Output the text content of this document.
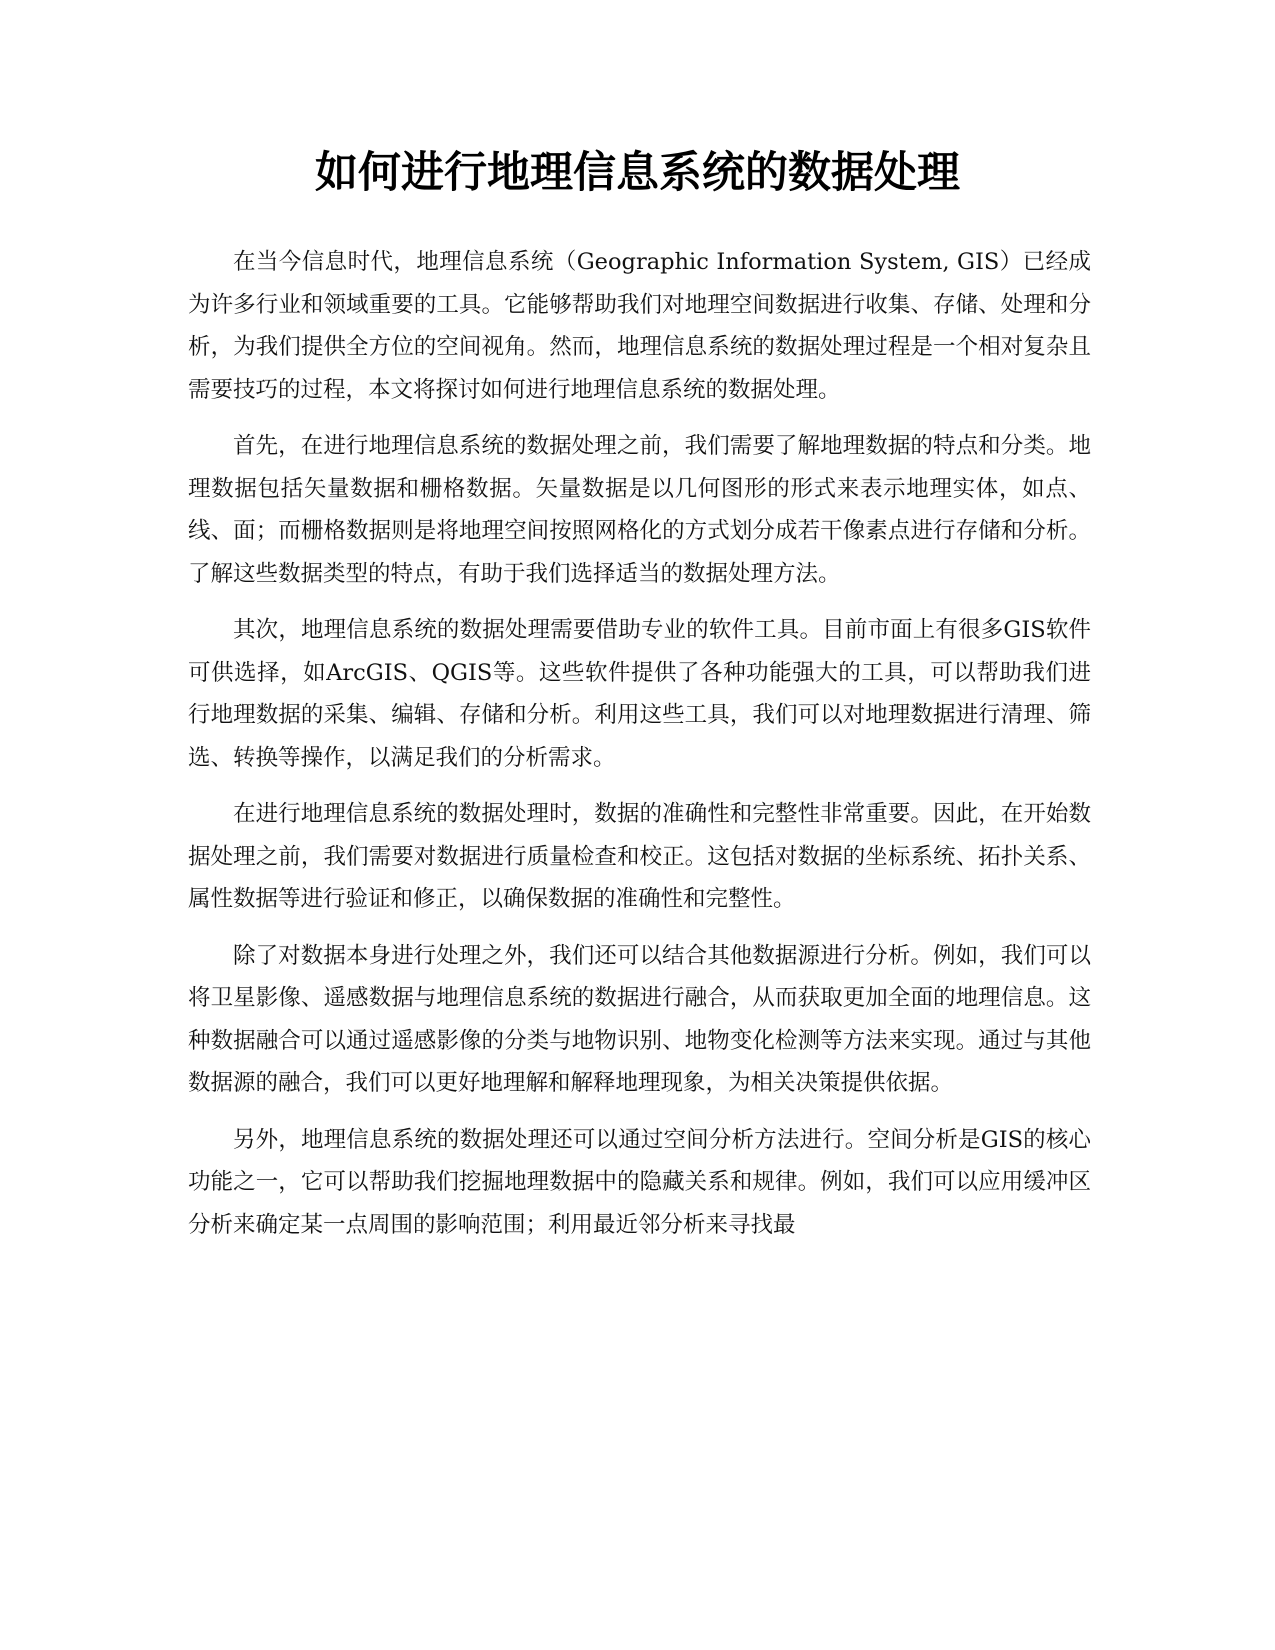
如何进行地理信息系统的数据处理

在当今信息时代，地理信息系统（Geographic Information System, GIS）已经成为许多行业和领域重要的工具。它能够帮助我们对地理空间数据进行收集、存储、处理和分析，为我们提供全方位的空间视角。然而，地理信息系统的数据处理过程是一个相对复杂且需要技巧的过程，本文将探讨如何进行地理信息系统的数据处理。

首先，在进行地理信息系统的数据处理之前，我们需要了解地理数据的特点和分类。地理数据包括矢量数据和栅格数据。矢量数据是以几何图形的形式来表示地理实体，如点、线、面；而栅格数据则是将地理空间按照网格化的方式划分成若干像素点进行存储和分析。了解这些数据类型的特点，有助于我们选择适当的数据处理方法。

其次，地理信息系统的数据处理需要借助专业的软件工具。目前市面上有很多GIS软件可供选择，如ArcGIS、QGIS等。这些软件提供了各种功能强大的工具，可以帮助我们进行地理数据的采集、编辑、存储和分析。利用这些工具，我们可以对地理数据进行清理、筛选、转换等操作，以满足我们的分析需求。

在进行地理信息系统的数据处理时，数据的准确性和完整性非常重要。因此，在开始数据处理之前，我们需要对数据进行质量检查和校正。这包括对数据的坐标系统、拓扑关系、属性数据等进行验证和修正，以确保数据的准确性和完整性。

除了对数据本身进行处理之外，我们还可以结合其他数据源进行分析。例如，我们可以将卫星影像、遥感数据与地理信息系统的数据进行融合，从而获取更加全面的地理信息。这种数据融合可以通过遥感影像的分类与地物识别、地物变化检测等方法来实现。通过与其他数据源的融合，我们可以更好地理解和解释地理现象，为相关决策提供依据。

另外，地理信息系统的数据处理还可以通过空间分析方法进行。空间分析是GIS的核心功能之一，它可以帮助我们挖掘地理数据中的隐藏关系和规律。例如，我们可以应用缓冲区分析来确定某一点周围的影响范围；利用最近邻分析来寻找最
